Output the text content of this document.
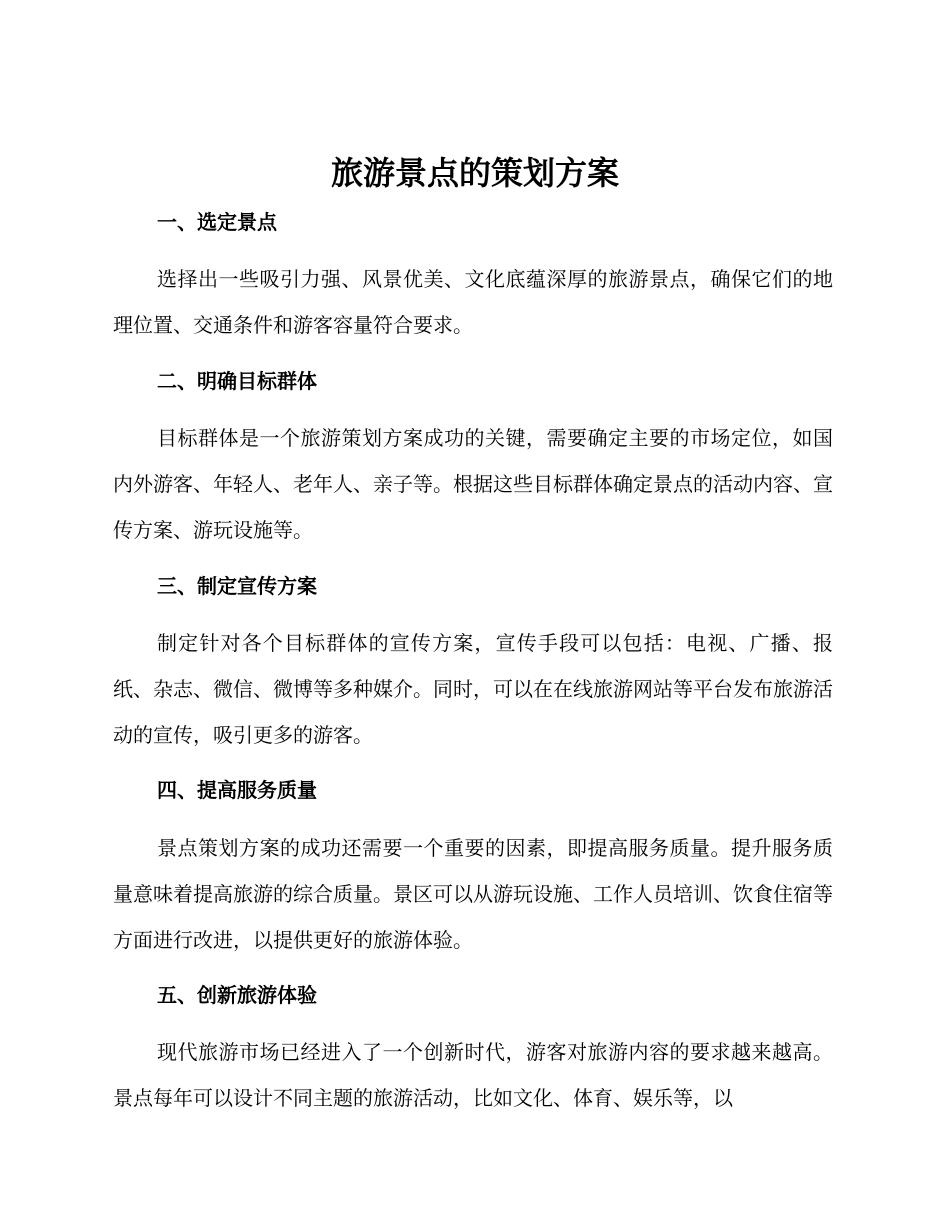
旅游景点的策划方案
一、选定景点
选择出一些吸引力强、风景优美、文化底蕴深厚的旅游景点，确保它们的地理位置、交通条件和游客容量符合要求。
二、明确目标群体
目标群体是一个旅游策划方案成功的关键，需要确定主要的市场定位，如国内外游客、年轻人、老年人、亲子等。根据这些目标群体确定景点的活动内容、宣传方案、游玩设施等。
三、制定宣传方案
制定针对各个目标群体的宣传方案，宣传手段可以包括：电视、广播、报纸、杂志、微信、微博等多种媒介。同时，可以在在线旅游网站等平台发布旅游活动的宣传，吸引更多的游客。
四、提高服务质量
景点策划方案的成功还需要一个重要的因素，即提高服务质量。提升服务质量意味着提高旅游的综合质量。景区可以从游玩设施、工作人员培训、饮食住宿等方面进行改进，以提供更好的旅游体验。
五、创新旅游体验
现代旅游市场已经进入了一个创新时代，游客对旅游内容的要求越来越高。景点每年可以设计不同主题的旅游活动，比如文化、体育、娱乐等，以
